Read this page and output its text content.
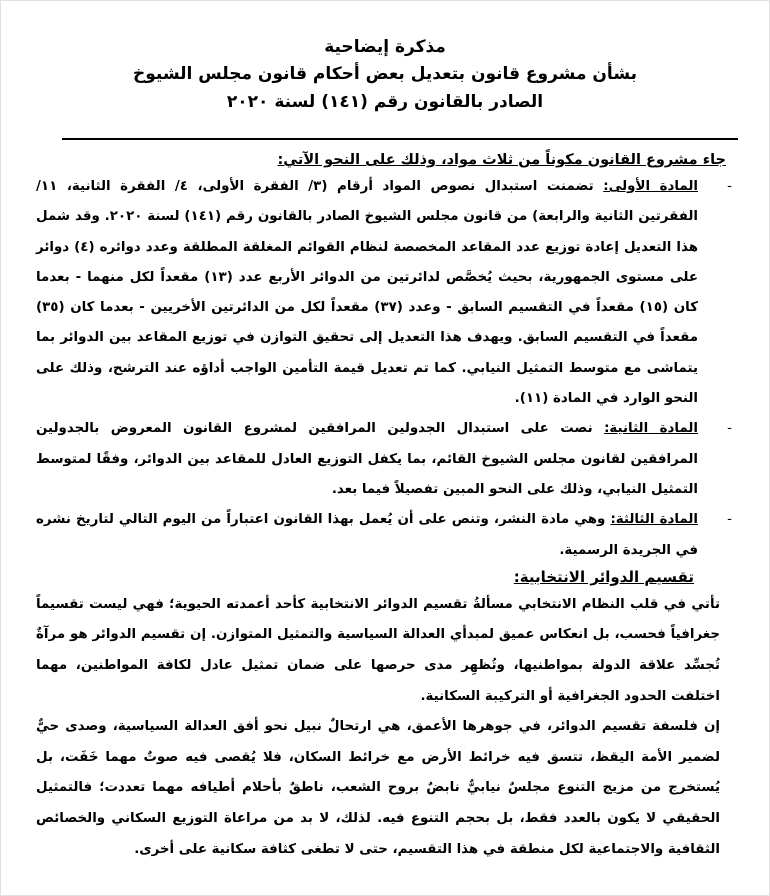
مذكرة إيضاحية
بشأن مشروع قانون بتعديل بعض أحكام قانون مجلس الشيوخ
الصادر بالقانون رقم (١٤١) لسنة ٢٠٢٠
جاء مشروع القانون مكوناً من ثلاث مواد، وذلك على النحو الآتي:
-
المادة الأولى: تضمنت استبدال نصوص المواد أرقام (٣/ الفقرة الأولى، ٤/ الفقرة الثانية، ١١/ الفقرتين الثانية والرابعة) من قانون مجلس الشيوخ الصادر بالقانون رقم (١٤١) لسنة ٢٠٢٠. وقد شمل هذا التعديل إعادة توزيع عدد المقاعد المخصصة لنظام القوائم المغلقة المطلقة وعدد دوائره (٤) دوائر على مستوى الجمهورية، بحيث يُخصَّص لدائرتين من الدوائر الأربع عدد (١٣) مقعداً لكل منهما - بعدما كان (١٥) مقعداً في التقسيم السابق - وعدد (٣٧) مقعداً لكل من الدائرتين الأخريين - بعدما كان (٣٥) مقعداً في التقسيم السابق. ويهدف هذا التعديل إلى تحقيق التوازن في توزيع المقاعد بين الدوائر بما يتماشى مع متوسط التمثيل النيابي. كما تم تعديل قيمة التأمين الواجب أداؤه عند الترشح، وذلك على النحو الوارد في المادة (١١).
-
المادة الثانية: نصت على استبدال الجدولين المرافقين لمشروع القانون المعروض بالجدولين المرافقين لقانون مجلس الشيوخ القائم، بما يكفل التوزيع العادل للمقاعد بين الدوائر، وفقًا لمتوسط التمثيل النيابي، وذلك على النحو المبين تفصيلاً فيما بعد.
-
المادة الثالثة: وهي مادة النشر، وتنص على أن يُعمل بهذا القانون اعتباراً من اليوم التالي لتاريخ نشره في الجريدة الرسمية.
تقسيم الدوائر الانتخابية:
تأتي في قلب النظام الانتخابي مسألةُ تقسيم الدوائر الانتخابية كأحد أعمدته الحيوية؛ فهي ليست تقسيماً جغرافياً فحسب، بل انعكاس عميق لمبدأي العدالة السياسية والتمثيل المتوازن. إن تقسيم الدوائر هو مرآةٌ تُجسِّد علاقة الدولة بمواطنيها، وتُظهِر مدى حرصها على ضمان تمثيل عادل لكافة المواطنين، مهما اختلفت الحدود الجغرافية أو التركيبة السكانية.
إن فلسفة تقسيم الدوائر، في جوهرها الأعمق، هي ارتحالٌ نبيل نحو أفق العدالة السياسية، وصدى حيٌّ لضمير الأمة اليقظ، تتسق فيه خرائط الأرض مع خرائط السكان، فلا يُقصى فيه صوتٌ مهما خَفَت، بل يُستخرج من مزيج التنوع مجلسٌ نيابيٌّ نابضٌ بروح الشعب، ناطقٌ بأحلام أطيافه مهما تعددت؛ فالتمثيل الحقيقي لا يكون بالعدد فقط، بل بحجم التنوع فيه. لذلك، لا بد من مراعاة التوزيع السكاني والخصائص الثقافية والاجتماعية لكل منطقة في هذا التقسيم، حتى لا تطغى كثافة سكانية على أخرى.
